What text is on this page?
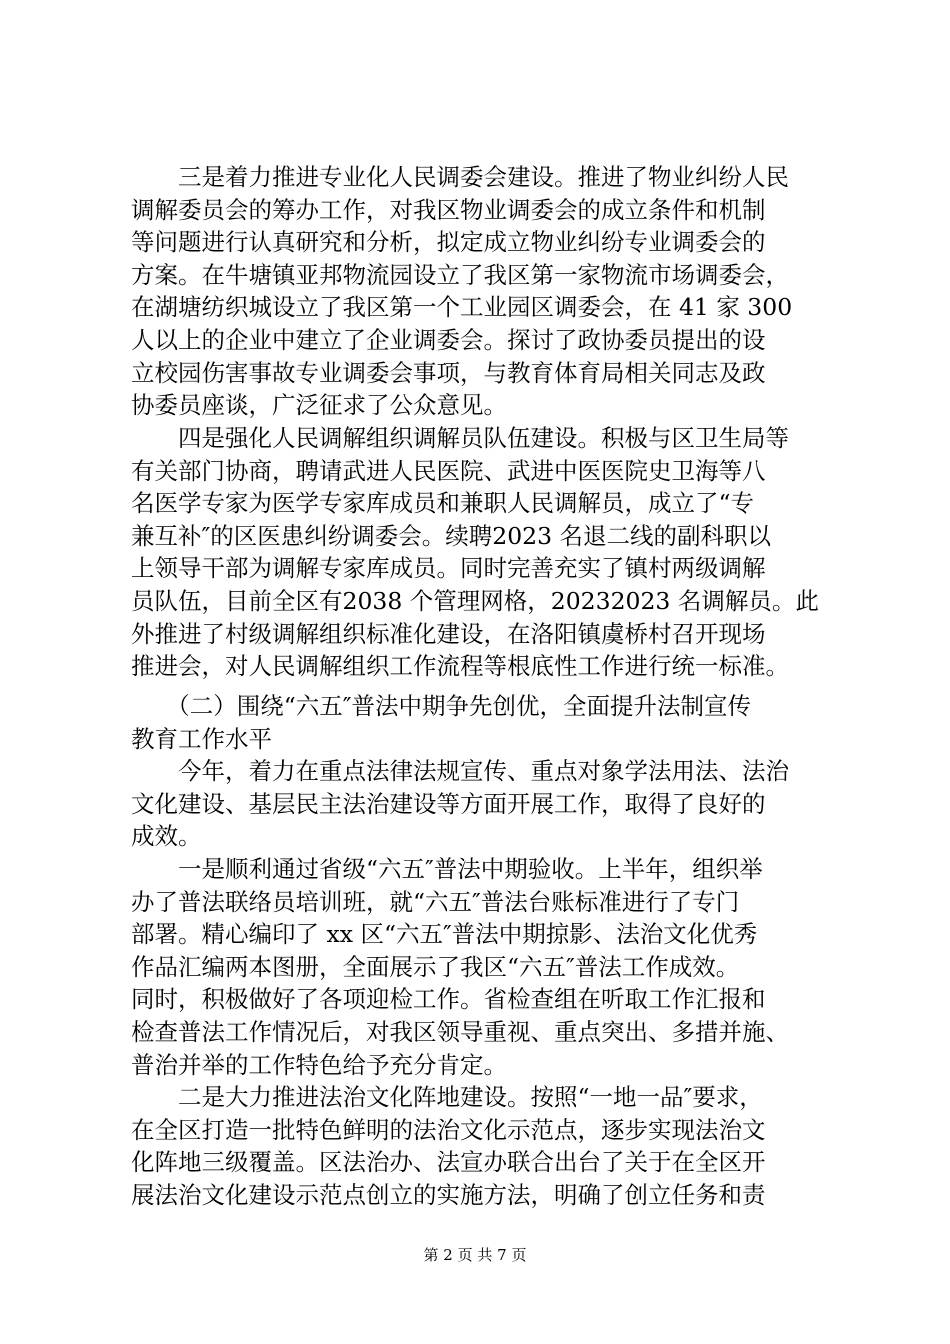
　　三是着力推进专业化人民调委会建设。推进了物业纠纷人民
调解委员会的筹办工作，对我区物业调委会的成立条件和机制
等问题进行认真研究和分析，拟定成立物业纠纷专业调委会的
方案。在牛塘镇亚邦物流园设立了我区第一家物流市场调委会，
在湖塘纺织城设立了我区第一个工业园区调委会，在 41 家 300
人以上的企业中建立了企业调委会。探讨了政协委员提出的设
立校园伤害事故专业调委会事项，与教育体育局相关同志及政
协委员座谈，广泛征求了公众意见。
　　四是强化人民调解组织调解员队伍建设。积极与区卫生局等
有关部门协商，聘请武进人民医院、武进中医医院史卫海等八
名医学专家为医学专家库成员和兼职人民调解员，成立了“专
兼互补″的区医患纠纷调委会。续聘2023 名退二线的副科职以
上领导干部为调解专家库成员。同时完善充实了镇村两级调解
员队伍，目前全区有2038 个管理网格，20232023 名调解员。此
外推进了村级调解组织标准化建设，在洛阳镇虞桥村召开现场
推进会，对人民调解组织工作流程等根底性工作进行统一标准。
　　（二）围绕“六五″普法中期争先创优，全面提升法制宣传
教育工作水平
　　今年，着力在重点法律法规宣传、重点对象学法用法、法治
文化建设、基层民主法治建设等方面开展工作，取得了良好的
成效。
　　一是顺利通过省级“六五″普法中期验收。上半年，组织举
办了普法联络员培训班，就“六五″普法台账标准进行了专门
部署。精心编印了 xx 区“六五″普法中期掠影、法治文化优秀
作品汇编两本图册，全面展示了我区“六五″普法工作成效。
同时，积极做好了各项迎检工作。省检查组在听取工作汇报和
检查普法工作情况后，对我区领导重视、重点突出、多措并施、
普治并举的工作特色给予充分肯定。
　　二是大力推进法治文化阵地建设。按照“一地一品″要求，
在全区打造一批特色鲜明的法治文化示范点，逐步实现法治文
化阵地三级覆盖。区法治办、法宣办联合出台了关于在全区开
展法治文化建设示范点创立的实施方法，明确了创立任务和责
第 2 页 共 7 页
